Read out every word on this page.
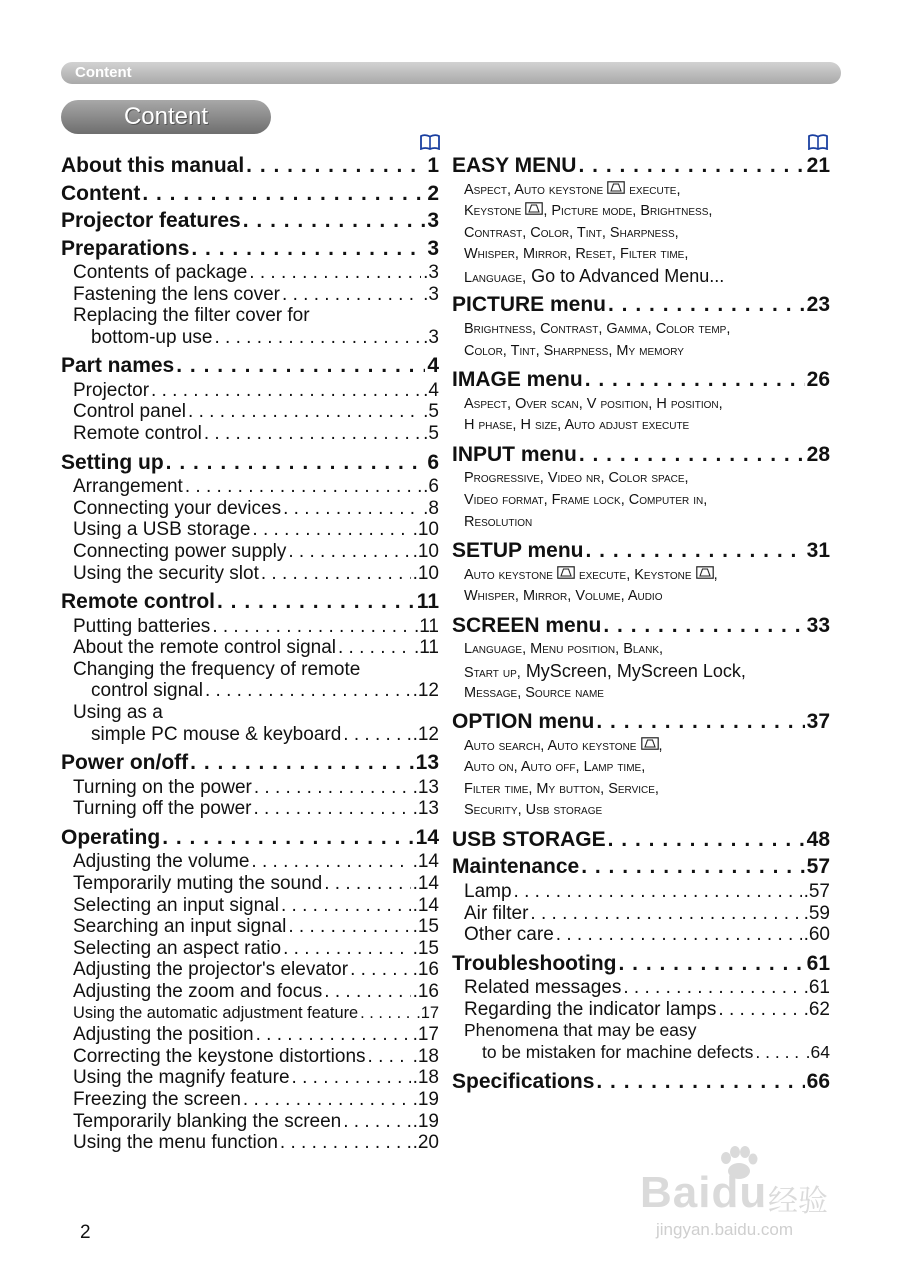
Content
Content
About this manual . . .	1
Content . . .	2
Projector features . . .	3
Preparations . . .	3
Contents of package . . .	.3
Fastening the lens cover . . .	.3
Replacing the filter cover for
bottom-up use . . .	.3
Part names . . .	4
Projector . . .	.4
Control panel . . .	.5
Remote control . . .	.5
Setting up . . .	6
Arrangement . . .	.6
Connecting your devices . . .	.8
Using a USB storage . . .	.10
Connecting power supply . . .	.10
Using the security slot . . .	.10
Remote control . . .	11
Putting batteries . . .	.11
About the remote control signal . . .	.11
Changing the frequency of remote
control signal . . .	.12
Using as a
simple PC mouse & keyboard . . .	.12
Power on/off . . .	13
Turning on the power . . .	.13
Turning off the power . . .	.13
Operating . . .	14
Adjusting the volume . . .	.14
Temporarily muting the sound . . .	.14
Selecting an input signal . . .	.14
Searching an input signal . . .	.15
Selecting an aspect ratio . . .	.15
Adjusting the projector's elevator . . .	.16
Adjusting the zoom and focus . . .	.16
Using the automatic adjustment feature . . .	.17
Adjusting the position . . .	.17
Correcting the keystone distortions . . . .18
Using the magnify feature . . .	.18
Freezing the screen . . .	.19
Temporarily blanking the screen . . .	.19
Using the menu function . . .	.20
EASY MENU . . .	21
Aspect, Auto keystone  execute,
Keystone , Picture mode, Brightness,
Contrast, Color, Tint, Sharpness,
Whisper, Mirror, Reset, Filter time,
Language, Go to Advanced Menu...
PICTURE menu . . .	23
Brightness, Contrast, Gamma, Color temp,
Color, Tint, Sharpness, My memory
IMAGE menu . . .	26
Aspect, Over scan, V position, H position,
H phase, H size, Auto adjust execute
INPUT menu . . .	28
Progressive, Video nr, Color space,
Video format, Frame lock, Computer in,
Resolution
SETUP menu . . .	31
Auto keystone  execute, Keystone ,
Whisper, Mirror, Volume, Audio
SCREEN menu . . .	33
Language, Menu position, Blank,
Start up, MyScreen, MyScreen Lock,
Message, Source name
OPTION menu . . .	37
Auto search, Auto keystone ,
Auto on, Auto off, Lamp time,
Filter time, My button, Service,
Security, Usb storage
USB STORAGE . . .	48
Maintenance . . .	57
Lamp . . .	.57
Air filter . . .	.59
Other care . . .	.60
Troubleshooting . . .	61
Related messages . . .	.61
Regarding the indicator lamps . . .	.62
Phenomena that may be easy
to be mistaken for machine defects . . .	.64
Specifications . . .	66
2
Baidu 经验
jingyan.baidu.com
